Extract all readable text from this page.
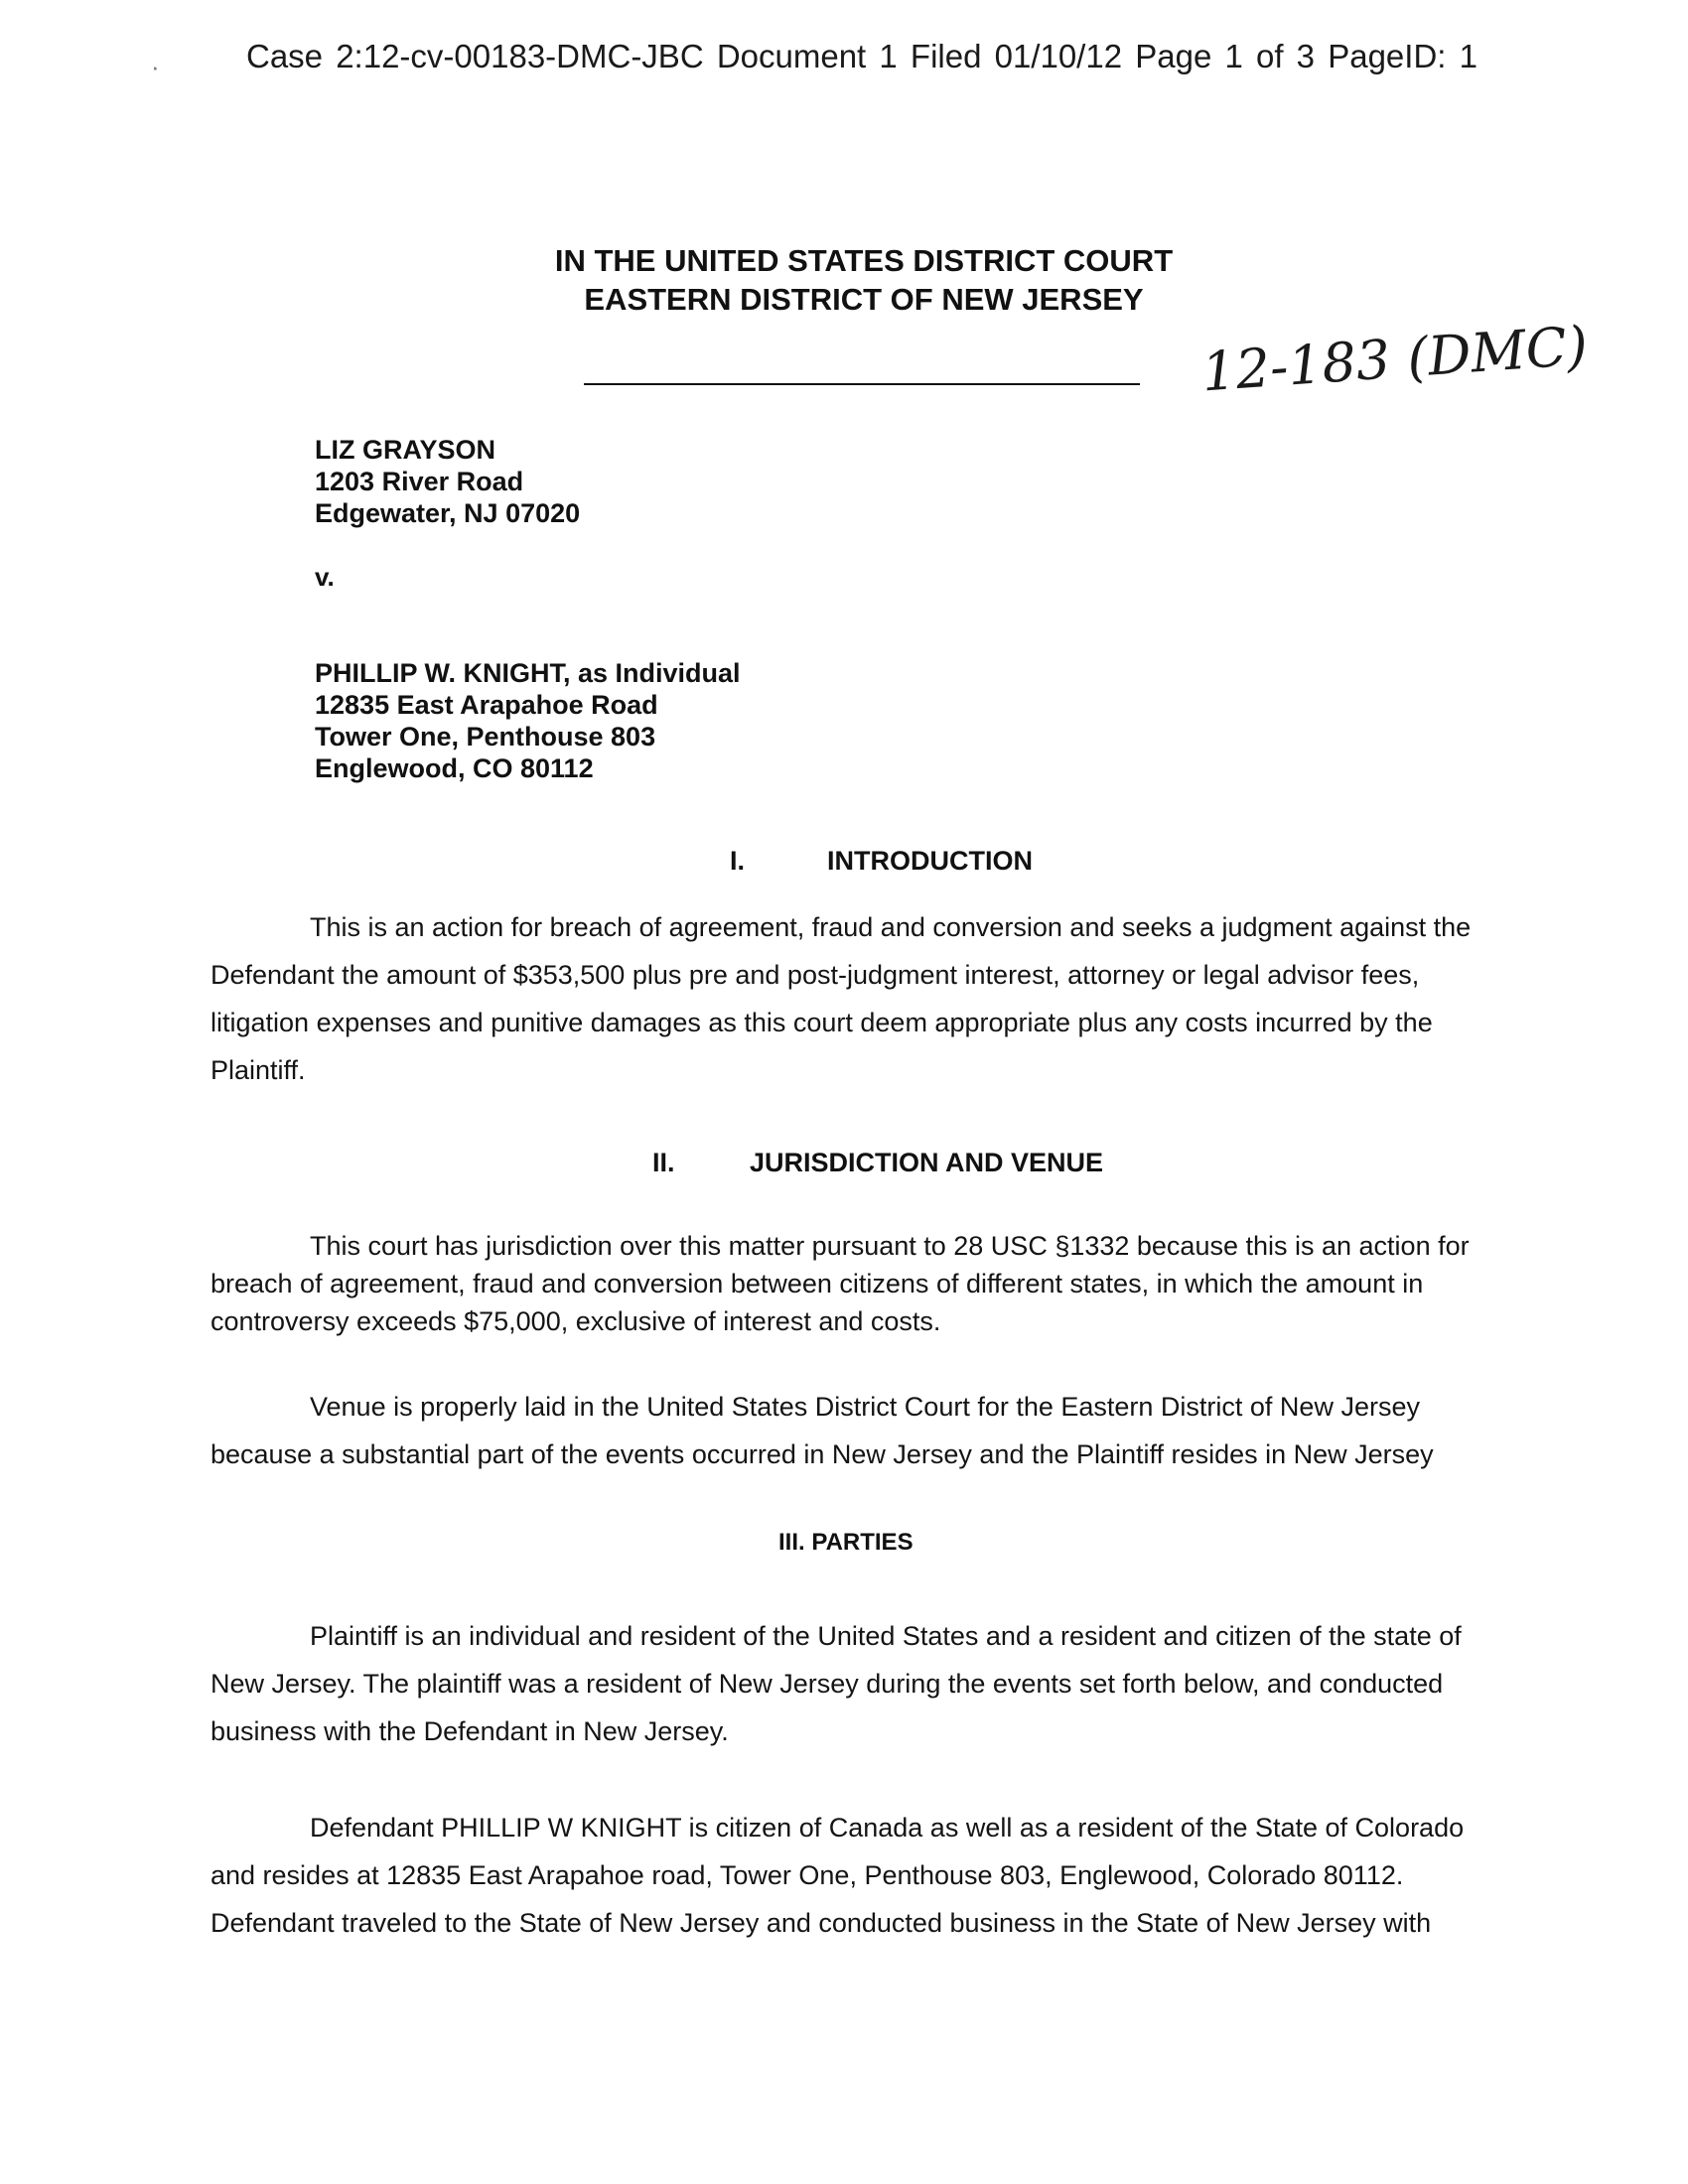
·	Case 2:12-cv-00183-DMC-JBC Document 1 Filed 01/10/12 Page 1 of 3 PageID: 1
IN THE UNITED STATES DISTRICT COURT
EASTERN DISTRICT OF NEW JERSEY
12-183 (DMC)
LIZ GRAYSON
1203 River Road
Edgewater, NJ 07020
v.
PHILLIP W. KNIGHT, as Individual
12835 East Arapahoe Road
Tower One, Penthouse 803
Englewood, CO 80112
I.	INTRODUCTION

This is an action for breach of agreement, fraud and conversion and seeks a judgment against the Defendant the amount of $353,500 plus pre and post-judgment interest, attorney or legal advisor fees, litigation expenses and punitive damages as this court deem appropriate plus any costs incurred by the Plaintiff.

II.	JURISDICTION AND VENUE

This court has jurisdiction over this matter pursuant to 28 USC §1332 because this is an action for breach of agreement, fraud and conversion between citizens of different states, in which the amount in controversy exceeds $75,000, exclusive of interest and costs.

Venue is properly laid in the United States District Court for the Eastern District of New Jersey because a substantial part of the events occurred in New Jersey and the Plaintiff resides in New Jersey

III. PARTIES

Plaintiff is an individual and resident of the United States and a resident and citizen of the state of New Jersey. The plaintiff was a resident of New Jersey during the events set forth below, and conducted business with the Defendant in New Jersey.

Defendant PHILLIP W KNIGHT is citizen of Canada as well as a resident of the State of Colorado and resides at 12835 East Arapahoe road, Tower One, Penthouse 803, Englewood, Colorado 80112. Defendant traveled to the State of New Jersey and conducted business in the State of New Jersey with
